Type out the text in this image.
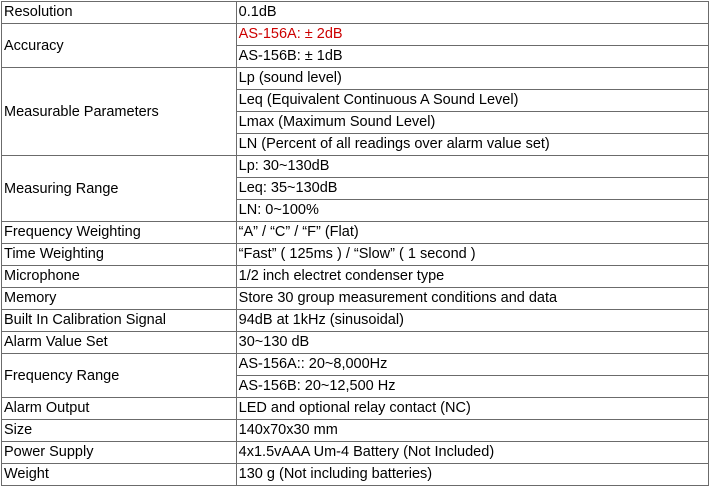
Resolution	0.1dB
Accuracy	AS-156A: ± 2dB
AS-156B: ± 1dB

Measurable Parameters	Lp (sound level)
Leq (Equivalent Continuous A Sound Level)
Lmax (Maximum Sound Level)
LN (Percent of all readings over alarm value set)

Measuring Range	Lp: 30~130dB
Leq: 35~130dB
LN: 0~100%

Frequency Weighting	“A” / “C” / “F” (Flat)
Time Weighting	“Fast” ( 125ms ) / “Slow” ( 1 second )
Microphone	1/2 inch electret condenser type
Memory	Store 30 group measurement conditions and data
Built In Calibration Signal	94dB at 1kHz (sinusoidal)
Alarm Value Set	30~130 dB
Frequency Range	AS-156A:: 20~8,000Hz
AS-156B: 20~12,500 Hz

Alarm Output	LED and optional relay contact (NC)
Size	140x70x30 mm
Power Supply	4x1.5vAAA Um-4 Battery (Not Included)
Weight	130 g (Not including batteries)
